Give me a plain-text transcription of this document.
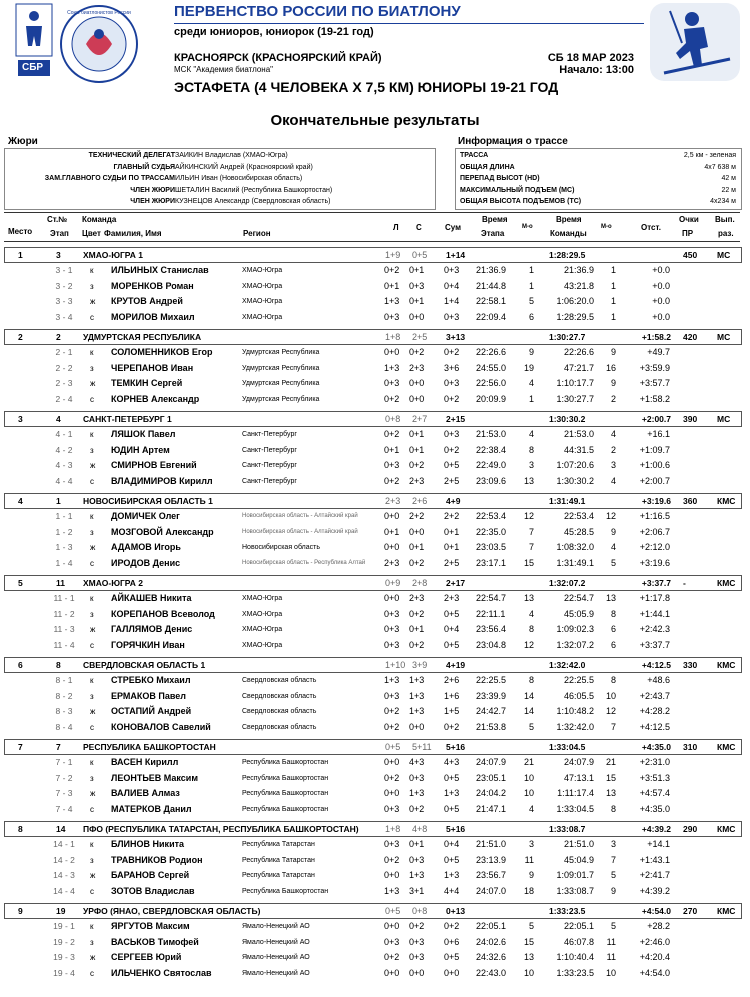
СБР
Союз биатлонистов России	ПЕРВЕНСТВО РОССИИ ПО БИАТЛОНУ
среди юниоров, юниорок (19-21 год)
КРАСНОЯРСК (КРАСНОЯРСКИЙ КРАЙ)
МСК "Академия биатлона"
СБ 18 МАР 2023
Начало: 13:00
ЭСТАФЕТА (4 ЧЕЛОВЕКА Х 7,5 КМ) ЮНИОРЫ 19-21 ГОД
Окончательные результаты
Жюри	Информация о трассе
ТЕХНИЧЕСКИЙ ДЕЛЕГАТЗАИКИН Владислав (ХМАО-Югра)
ГЛАВНЫЙ СУДЬЯАЙКИНСКИЙ Андрей (Красноярский край)
ЗАМ.ГЛАВНОГО СУДЬИ ПО ТРАССАМИЛЬИН Иван (Новосибирская область)
ЧЛЕН ЖЮРИШЕТАЛИН Василий (Республика Башкортостан)
ЧЛЕН ЖЮРИКУЗНЕЦОВ Александр (Свердловская область)
ТРАССА	2,5 км - зеленая
ОБЩАЯ ДЛИНА	4x7 638 м
ПЕРЕПАД ВЫСОТ (HD)	42 м
МАКСИМАЛЬНЫЙ ПОДЪЕМ (MC)	22 м
ОБЩАЯ ВЫСОТА ПОДЪЕМОВ (TC)	4x234 м
Место
Ст.№
Этап
Команда
Цвет Фамилия, Имя	Регион
Л С	Сум
Время
Этапа
М-о
Время
Команды
М-о	Отст.
Очки
ПР
Вып.
раз.
1	3	ХМАО-ЮГРА 1	1+9 0+5 1+14	1:28:29.5	450 МС
3 - 1	к ИЛЬИНЫХ Станислав	ХМАО-Югра	0+2 0+1 0+3 21:36.9	1	21:36.9	1	+0.0
3 - 2	з МОРЕНКОВ Роман	ХМАО-Югра	0+1 0+3 0+4 21:44.8	1	43:21.8	1	+0.0
3 - 3	ж КРУТОВ Андрей	ХМАО-Югра	1+3 0+1 1+4 22:58.1	5	1:06:20.0	1	+0.0
3 - 4	с МОРИЛОВ Михаил	ХМАО-Югра	0+3 0+0 0+3 22:09.4	6	1:28:29.5	1	+0.0
2	2	УДМУРТСКАЯ РЕСПУБЛИКА	1+8 2+5 3+13	1:30:27.7	+1:58.2 420 МС
2 - 1	к СОЛОМЕННИКОВ Егор	Удмуртская Республика	0+0 0+2 0+2 22:26.6	9	22:26.6	9	+49.7
2 - 2	з ЧЕРЕПАНОВ Иван	Удмуртская Республика	1+3 2+3 3+6 24:55.0	19	47:21.7	16	+3:59.9
2 - 3	ж ТЕМКИН Сергей	Удмуртская Республика	0+3 0+0 0+3 22:56.0	4	1:10:17.7	9	+3:57.7
2 - 4	с КОРНЕВ Александр	Удмуртская Республика	0+2 0+0 0+2 20:09.9	1	1:30:27.7	2	+1:58.2
3	4	САНКТ-ПЕТЕРБУРГ 1	0+8 2+7 2+15	1:30:30.2	+2:00.7 390 МС
4 - 1	к ЛЯШОК Павел	Санкт-Петербург	0+2 0+1 0+3 21:53.0	4	21:53.0	4	+16.1
4 - 2	з ЮДИН Артем	Санкт-Петербург	0+1 0+1 0+2 22:38.4	8	44:31.5	2	+1:09.7
4 - 3	ж СМИРНОВ Евгений	Санкт-Петербург	0+3 0+2 0+5 22:49.0	3	1:07:20.6	3	+1:00.6
4 - 4	с ВЛАДИМИРОВ Кирилл	Санкт-Петербург	0+2 2+3 2+5 23:09.6	13	1:30:30.2	4	+2:00.7
4	1	НОВОСИБИРСКАЯ ОБЛАСТЬ 1	2+3 2+6 4+9	1:31:49.1	+3:19.6 360 КМС
1 - 1	к ДОМИЧЕК Олег	Новосибирская область - Алтайский край	0+0 2+2 2+2 22:53.4	12	22:53.4	12	+1:16.5
1 - 2	з МОЗГОВОЙ Александр	Новосибирская область - Алтайский край	0+1 0+0 0+1 22:35.0	7	45:28.5	9	+2:06.7
1 - 3	ж АДАМОВ Игорь	Новосибирская область	0+0 0+1 0+1 23:03.5	7	1:08:32.0	4	+2:12.0
1 - 4	с ИРОДОВ Денис	Новосибирская область - Республика Алтай 2+3 0+2 2+5 23:17.1	15	1:31:49.1	5	+3:19.6
5	11 ХМАО-ЮГРА 2	0+9 2+8 2+17	1:32:07.2	+3:37.7 -	КМС
11 - 1	к АЙКАШЕВ Никита	ХМАО-Югра	0+0 2+3 2+3 22:54.7	13	22:54.7	13	+1:17.8
11 - 2	з КОРЕПАНОВ Всеволод	ХМАО-Югра	0+3 0+2 0+5 22:11.1	4	45:05.9	8	+1:44.1
11 - 3	ж ГАЛЛЯМОВ Денис	ХМАО-Югра	0+3 0+1 0+4 23:56.4	8	1:09:02.3	6	+2:42.3
11 - 4	с ГОРЯЧКИН Иван	ХМАО-Югра	0+3 0+2 0+5 23:04.8	12	1:32:07.2	6	+3:37.7
6	8	СВЕРДЛОВСКАЯ ОБЛАСТЬ 1	1+10 3+9 4+19	1:32:42.0	+4:12.5 330 КМС
8 - 1	к СТРЕБКО Михаил	Свердловская область	1+3 1+3 2+6 22:25.5	8	22:25.5	8	+48.6
8 - 2	з ЕРМАКОВ Павел	Свердловская область	0+3 1+3 1+6 23:39.9	14	46:05.5	10	+2:43.7
8 - 3	ж ОСТАПИЙ Андрей	Свердловская область	0+2 1+3 1+5 24:42.7	14	1:10:48.2	12	+4:28.2
8 - 4	с КОНОВАЛОВ Савелий	Свердловская область	0+2 0+0 0+2 21:53.8	5	1:32:42.0	7	+4:12.5
7	7	РЕСПУБЛИКА БАШКОРТОСТАН	0+5 5+11 5+16	1:33:04.5	+4:35.0 310 КМС
7 - 1	к ВАСЕН Кирилл	Республика Башкортостан	0+0 4+3 4+3 24:07.9	21	24:07.9	21	+2:31.0
7 - 2	з ЛЕОНТЬЕВ Максим	Республика Башкортостан	0+2 0+3 0+5 23:05.1	10	47:13.1	15	+3:51.3
7 - 3	ж ВАЛИЕВ Алмаз	Республика Башкортостан	0+0 1+3 1+3 24:04.2	10	1:11:17.4	13	+4:57.4
7 - 4	с МАТЕРКОВ Данил	Республика Башкортостан	0+3 0+2 0+5 21:47.1	4	1:33:04.5	8	+4:35.0
8	14 ПФО (РЕСПУБЛИКА ТАТАРСТАН, РЕСПУБЛИКА БАШКОРТОСТАН)	1+8 4+8 5+16	1:33:08.7	+4:39.2 290 КМС
14 - 1	к БЛИНОВ Никита	Республика Татарстан	0+3 0+1 0+4 21:51.0	3	21:51.0	3	+14.1
14 - 2	з ТРАВНИКОВ Родион	Республика Татарстан	0+2 0+3 0+5 23:13.9	11	45:04.9	7	+1:43.1
14 - 3	ж БАРАНОВ Сергей	Республика Татарстан	0+0 1+3 1+3 23:56.7	9	1:09:01.7	5	+2:41.7
14 - 4	с ЗОТОВ Владислав	Республика Башкортостан	1+3 3+1 4+4 24:07.0	18	1:33:08.7	9	+4:39.2
9	19 УРФО (ЯНАО, СВЕРДЛОВСКАЯ ОБЛАСТЬ)	0+5 0+8 0+13	1:33:23.5	+4:54.0 270 КМС
19 - 1	к ЯРГУТОВ Максим	Ямало-Ненецкий АО	0+0 0+2 0+2 22:05.1	5	22:05.1	5	+28.2
19 - 2	з ВАСЬКОВ Тимофей	Ямало-Ненецкий АО	0+3 0+3 0+6 24:02.6	15	46:07.8	11	+2:46.0
19 - 3	ж СЕРГЕЕВ Юрий	Ямало-Ненецкий АО	0+2 0+3 0+5 24:32.6	13	1:10:40.4	11	+4:20.4
19 - 4	с ИЛЬЧЕНКО Святослав	Ямало-Ненецкий АО	0+0 0+0 0+0 22:43.0	10	1:33:23.5	10	+4:54.0
